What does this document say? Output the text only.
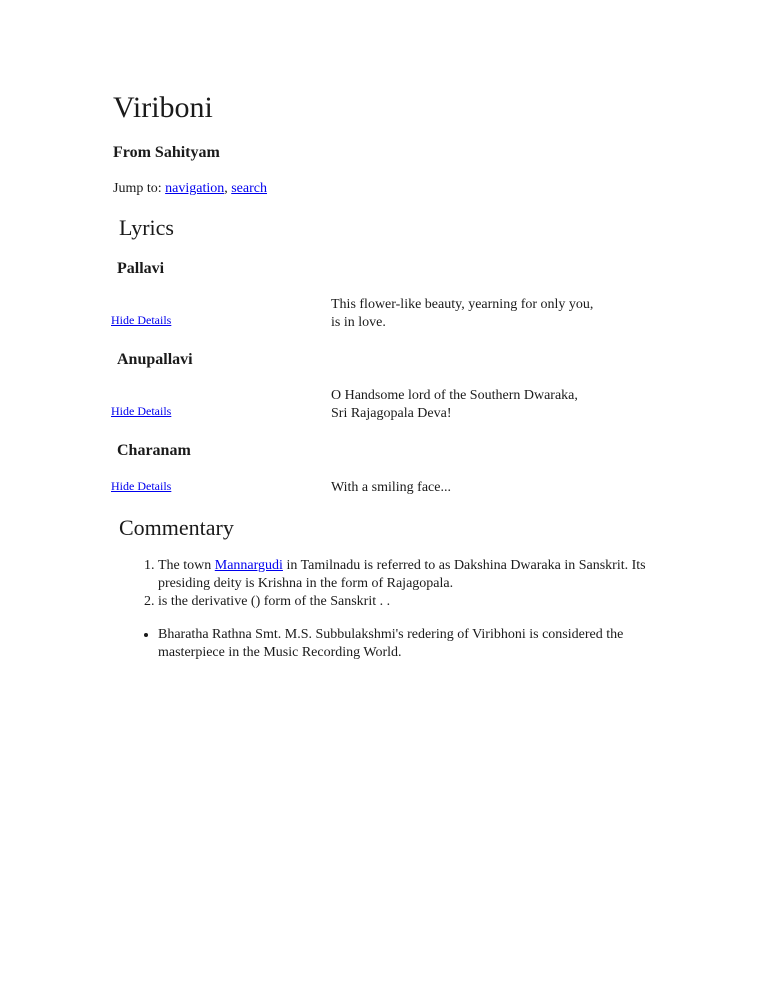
Viriboni
From Sahityam
Jump to: navigation, search
Lyrics
Pallavi
Hide Details
This flower-like beauty, yearning for only you,
is in love.
Anupallavi
Hide Details
O Handsome lord of the Southern Dwaraka,
Sri Rajagopala Deva!
Charanam
Hide Details	With a smiling face...
Commentary
1. The town Mannargudi in Tamilnadu is referred to as Dakshina Dwaraka in Sanskrit. Its presiding deity is Krishna in the form of Rajagopala.
2. is the derivative () form of the Sanskrit . .
• Bharatha Rathna Smt. M.S. Subbulakshmi's redering of Viribhoni is considered the masterpiece in the Music Recording World.
